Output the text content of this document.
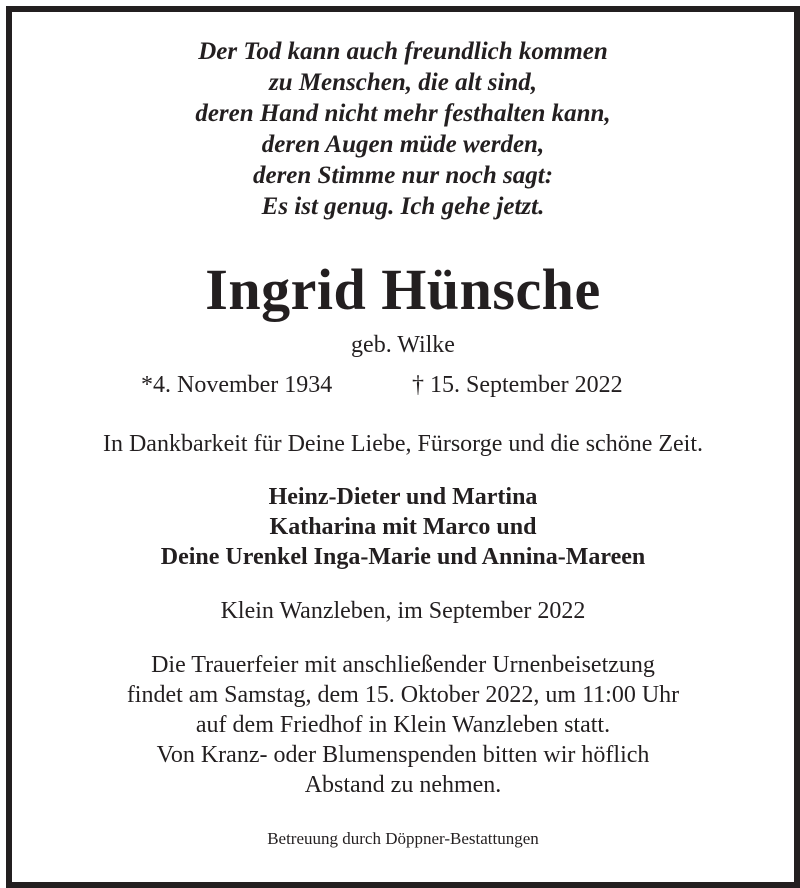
Der Tod kann auch freundlich kommen
zu Menschen, die alt sind,
deren Hand nicht mehr festhalten kann,
deren Augen müde werden,
deren Stimme nur noch sagt:
Es ist genug. Ich gehe jetzt.
Ingrid Hünsche
geb. Wilke
*4. November 1934	† 15. September 2022
In Dankbarkeit für Deine Liebe, Fürsorge und die schöne Zeit.
Heinz-Dieter und Martina
Katharina mit Marco und
Deine Urenkel Inga-Marie und Annina-Mareen
Klein Wanzleben, im September 2022
Die Trauerfeier mit anschließender Urnenbeisetzung
findet am Samstag, dem 15. Oktober 2022, um 11:00 Uhr
auf dem Friedhof in Klein Wanzleben statt.
Von Kranz- oder Blumenspenden bitten wir höflich
Abstand zu nehmen.
Betreuung durch Döppner-Bestattungen
